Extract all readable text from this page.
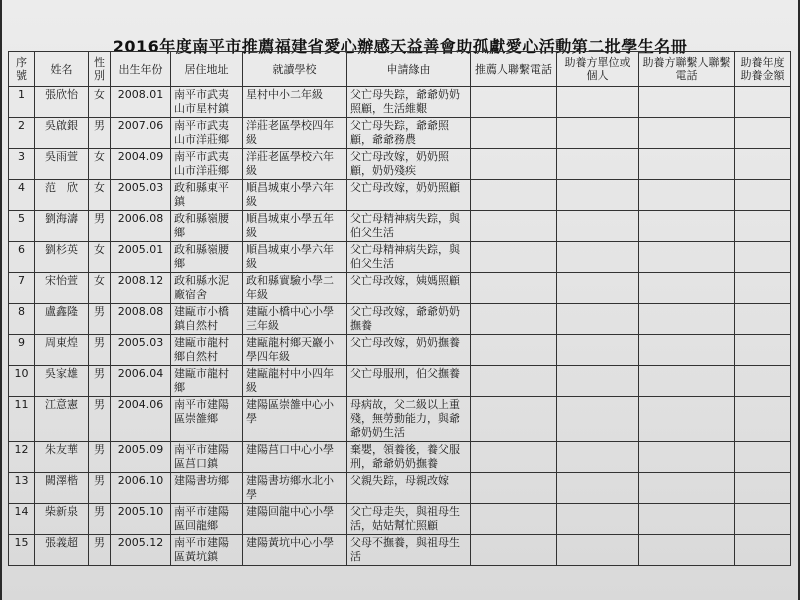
2016年度南平市推薦福建省愛心辦感天益善會助孤獻愛心活動第二批學生名冊
序號	姓名	性別	出生年份	居住地址	就讀學校	申請緣由	推薦人聯繫電話	助養方單位或個人	助養方聯繫人聯繫電話	助養年度助養金額
1	張欣怡	女	2008.01	南平市武夷山市星村鎮	星村中小二年級	父亡母失踪，爺爺奶奶照顧，生活維艱				
2	吳啟銀	男	2007.06	南平市武夷山市洋莊鄉	洋莊老區學校四年級	父亡母失踪，爺爺照顧，爺爺務農				
3	吳雨萱	女	2004.09	南平市武夷山市洋莊鄉	洋莊老區學校六年級	父亡母改嫁，奶奶照顧，奶奶殘疾				
4	范　欣	女	2005.03	政和縣東平鎮	順昌城東小學六年級	父亡母改嫁，奶奶照顧				
5	劉海濤	男	2006.08	政和縣嶺腰鄉	順昌城東小學五年級	父亡母精神病失踪，與伯父生活				
6	劉杉英	女	2005.01	政和縣嶺腰鄉	順昌城東小學六年級	父亡母精神病失踪，與伯父生活				
7	宋怡萱	女	2008.12	政和縣水泥廠宿舍	政和縣實驗小學二年級	父亡母改嫁，姨媽照顧				
8	盧鑫隆	男	2008.08	建甌市小橋鎮自然村	建甌小橋中心小學三年級	父亡母改嫁，爺爺奶奶撫養				
9	周東煌	男	2005.03	建甌市龍村鄉自然村	建甌龍村鄉天巖小學四年級	父亡母改嫁，奶奶撫養				
10	吳家雄	男	2006.04	建甌市龍村鄉	建甌龍村中小四年級	父亡母服刑，伯父撫養				
11	江意憲	男	2004.06	南平市建陽區崇雒鄉	建陽區崇雒中心小學	母病故，父二級以上重殘，無勞動能力，與爺爺奶奶生活				
12	朱友華	男	2005.09	南平市建陽區莒口鎮	建陽莒口中心小學	棄嬰，領養後，養父服刑，爺爺奶奶撫養				
13	闕澤楷	男	2006.10	建陽書坊鄉	建陽書坊鄉水北小學	父親失踪，母親改嫁				
14	柴新泉	男	2005.10	南平市建陽區回龍鄉	建陽回龍中心小學	父亡母走失，與祖母生活，姑姑幫忙照顧				
15	張義超	男	2005.12	南平市建陽區黃坑鎮	建陽黃坑中心小學	父母不撫養，與祖母生活				
